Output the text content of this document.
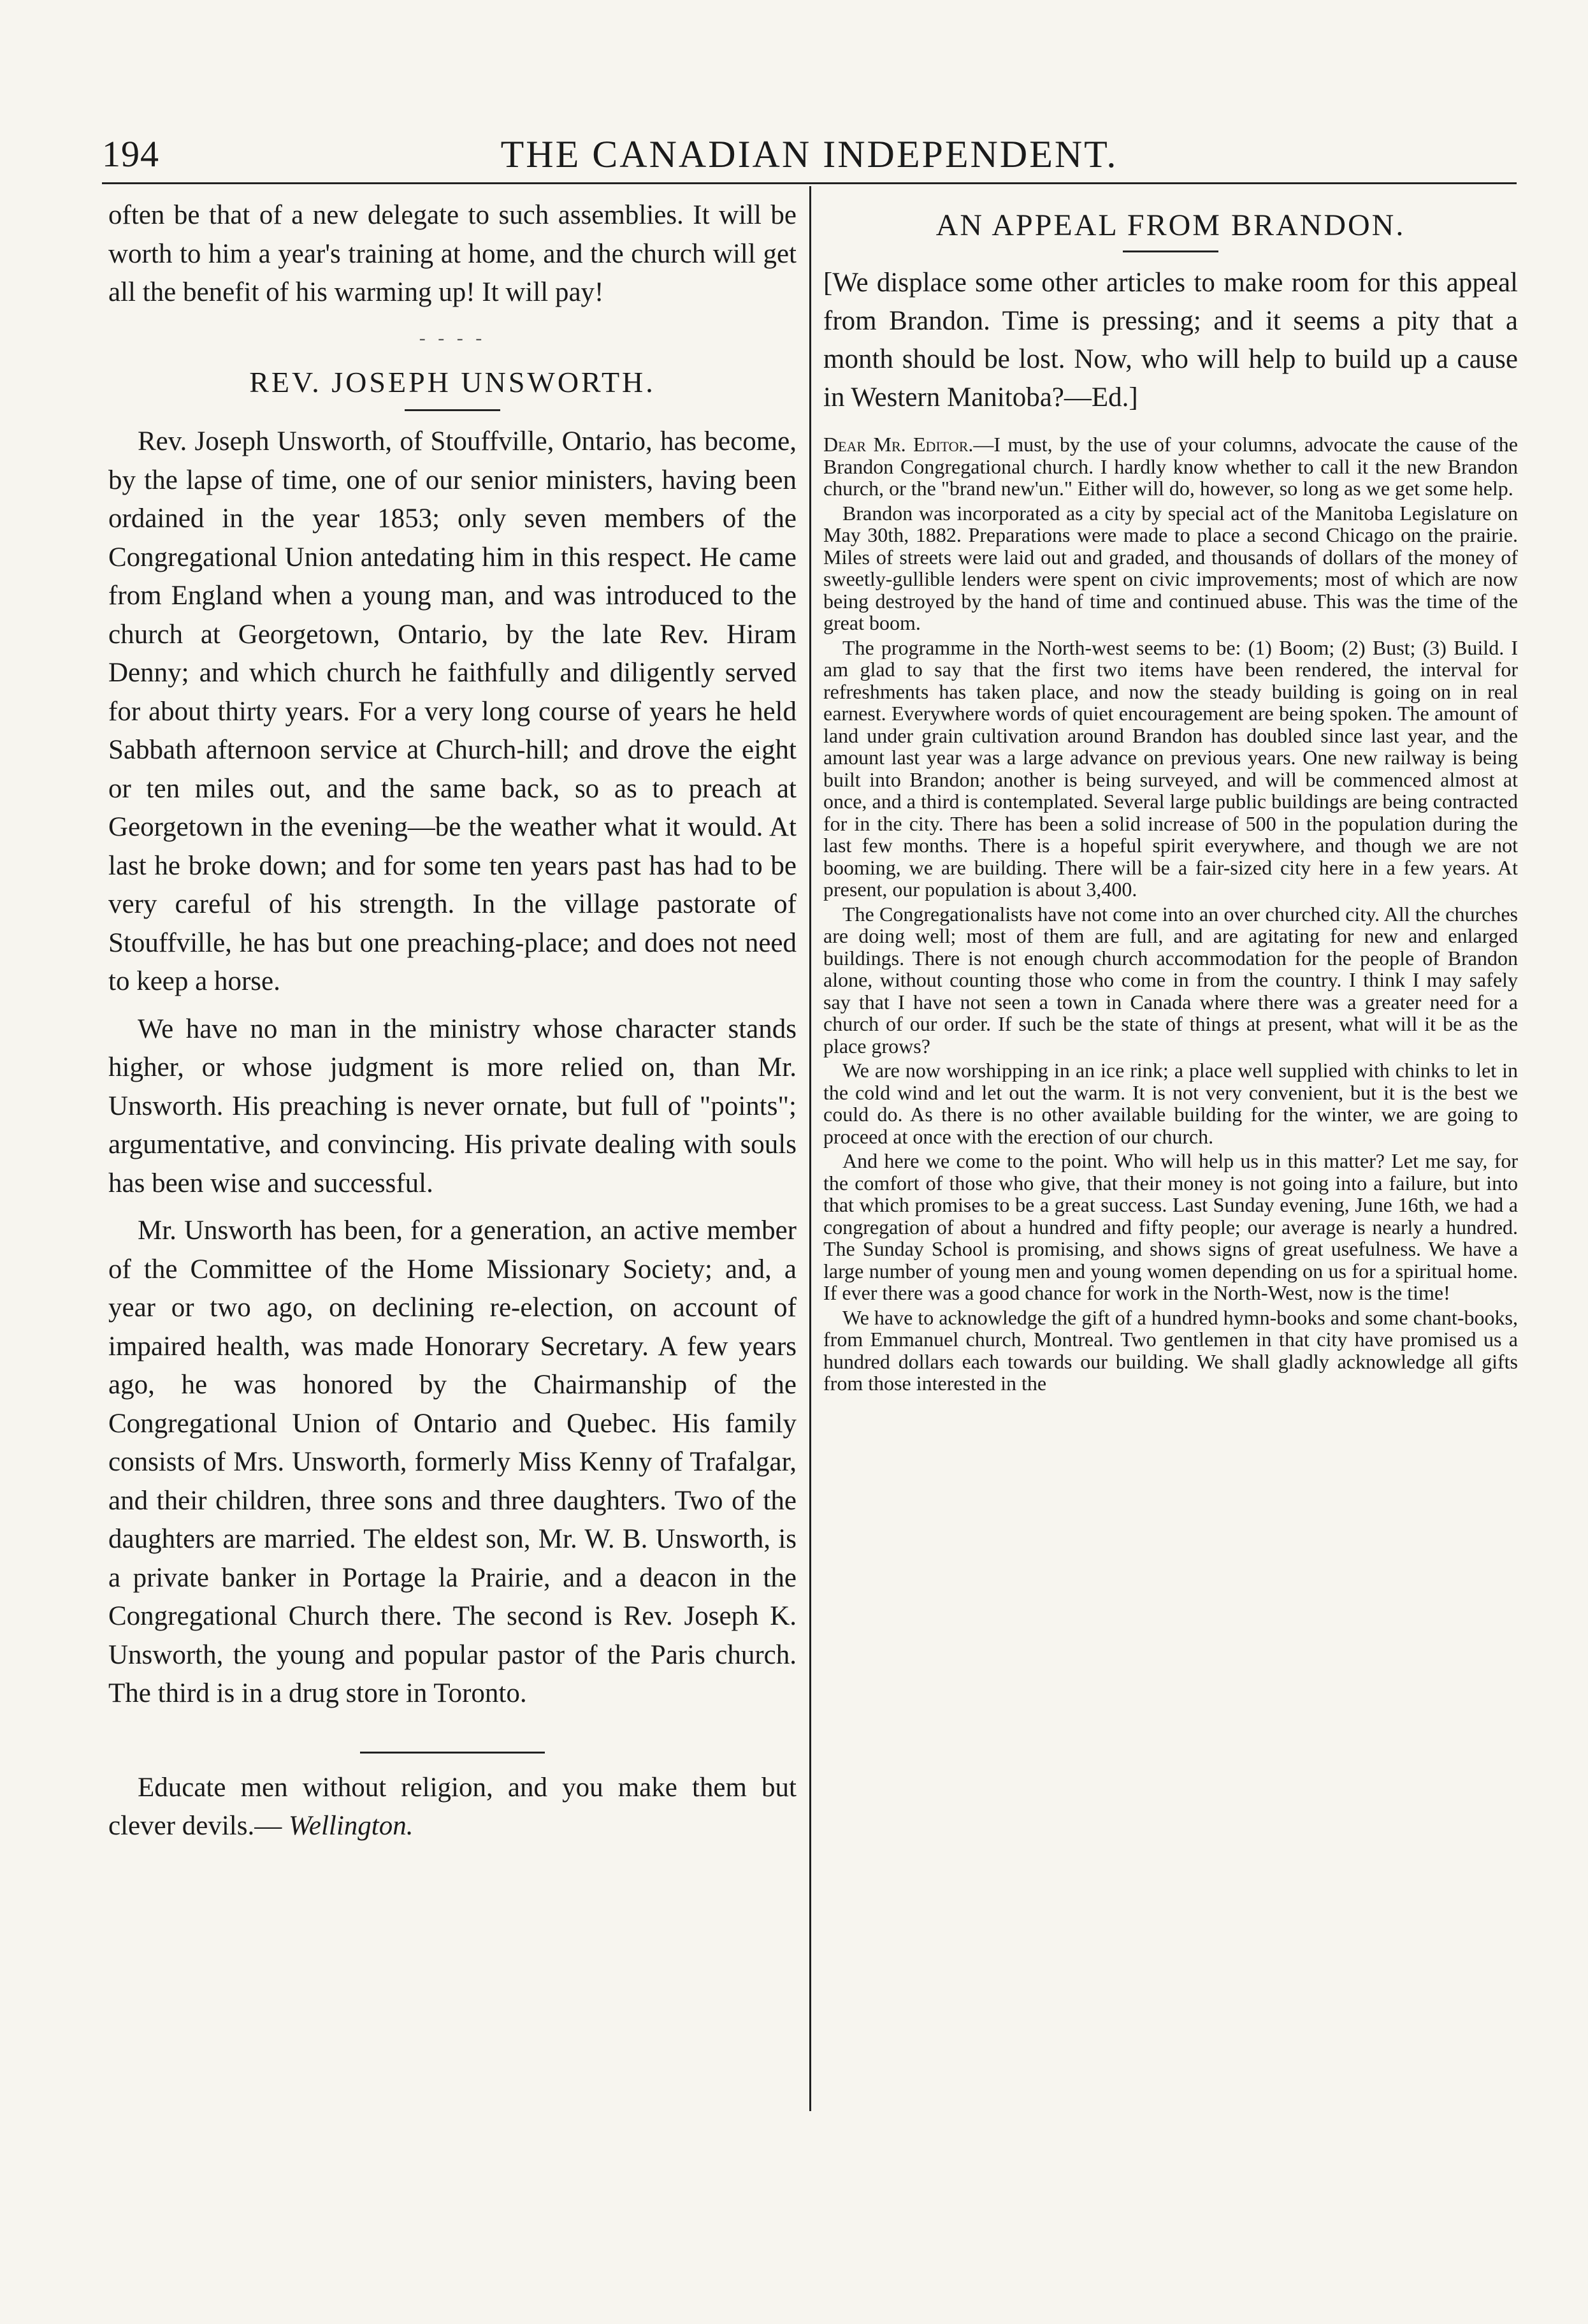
194	THE CANADIAN INDEPENDENT.

often be that of a new delegate to such assemblies. It will be worth to him a year's training at home, and the church will get all the benefit of his warming up! It will pay!

- - - -
REV. JOSEPH UNSWORTH.

Rev. Joseph Unsworth, of Stouffville, Ontario, has become, by the lapse of time, one of our senior ministers, having been ordained in the year 1853; only seven members of the Congregational Union antedating him in this respect. He came from England when a young man, and was introduced to the church at Georgetown, Ontario, by the late Rev. Hiram Denny; and which church he faithfully and diligently served for about thirty years. For a very long course of years he held Sabbath afternoon service at Church-hill; and drove the eight or ten miles out, and the same back, so as to preach at Georgetown in the evening—be the weather what it would. At last he broke down; and for some ten years past has had to be very careful of his strength. In the village pastorate of Stouffville, he has but one preaching-place; and does not need to keep a horse.

We have no man in the ministry whose character stands higher, or whose judgment is more relied on, than Mr. Unsworth. His preaching is never ornate, but full of "points"; argumentative, and convincing. His private dealing with souls has been wise and successful.

Mr. Unsworth has been, for a generation, an active member of the Committee of the Home Missionary Society; and, a year or two ago, on declining re-election, on account of impaired health, was made Honorary Secretary. A few years ago, he was honored by the Chairmanship of the Congregational Union of Ontario and Quebec. His family consists of Mrs. Unsworth, formerly Miss Kenny of Trafalgar, and their children, three sons and three daughters. Two of the daughters are married. The eldest son, Mr. W. B. Unsworth, is a private banker in Portage la Prairie, and a deacon in the Congregational Church there. The second is Rev. Joseph K. Unsworth, the young and popular pastor of the Paris church. The third is in a drug store in Toronto.

Educate men without religion, and you make them but clever devils.— Wellington.

AN APPEAL FROM BRANDON.

[We displace some other articles to make room for this appeal from Brandon. Time is pressing; and it seems a pity that a month should be lost. Now, who will help to build up a cause in Western Manitoba?—Ed.]

Dear Mr. Editor.—I must, by the use of your columns, advocate the cause of the Brandon Congregational church. I hardly know whether to call it the new Brandon church, or the "brand new'un." Either will do, however, so long as we get some help.

Brandon was incorporated as a city by special act of the Manitoba Legislature on May 30th, 1882. Preparations were made to place a second Chicago on the prairie. Miles of streets were laid out and graded, and thousands of dollars of the money of sweetly-gullible lenders were spent on civic improvements; most of which are now being destroyed by the hand of time and continued abuse. This was the time of the great boom.

The programme in the North-west seems to be: (1) Boom; (2) Bust; (3) Build. I am glad to say that the first two items have been rendered, the interval for refreshments has taken place, and now the steady building is going on in real earnest. Everywhere words of quiet encouragement are being spoken. The amount of land under grain cultivation around Brandon has doubled since last year, and the amount last year was a large advance on previous years. One new railway is being built into Brandon; another is being surveyed, and will be commenced almost at once, and a third is contemplated. Several large public buildings are being contracted for in the city. There has been a solid increase of 500 in the population during the last few months. There is a hopeful spirit everywhere, and though we are not booming, we are building. There will be a fair-sized city here in a few years. At present, our population is about 3,400.

The Congregationalists have not come into an over churched city. All the churches are doing well; most of them are full, and are agitating for new and enlarged buildings. There is not enough church accommodation for the people of Brandon alone, without counting those who come in from the country. I think I may safely say that I have not seen a town in Canada where there was a greater need for a church of our order. If such be the state of things at present, what will it be as the place grows?

We are now worshipping in an ice rink; a place well supplied with chinks to let in the cold wind and let out the warm. It is not very convenient, but it is the best we could do. As there is no other available building for the winter, we are going to proceed at once with the erection of our church.

And here we come to the point. Who will help us in this matter? Let me say, for the comfort of those who give, that their money is not going into a failure, but into that which promises to be a great success. Last Sunday evening, June 16th, we had a congregation of about a hundred and fifty people; our average is nearly a hundred. The Sunday School is promising, and shows signs of great usefulness. We have a large number of young men and young women depending on us for a spiritual home. If ever there was a good chance for work in the North-West, now is the time!

We have to acknowledge the gift of a hundred hymn-books and some chant-books, from Emmanuel church, Montreal. Two gentlemen in that city have promised us a hundred dollars each towards our building. We shall gladly acknowledge all gifts from those interested in the
